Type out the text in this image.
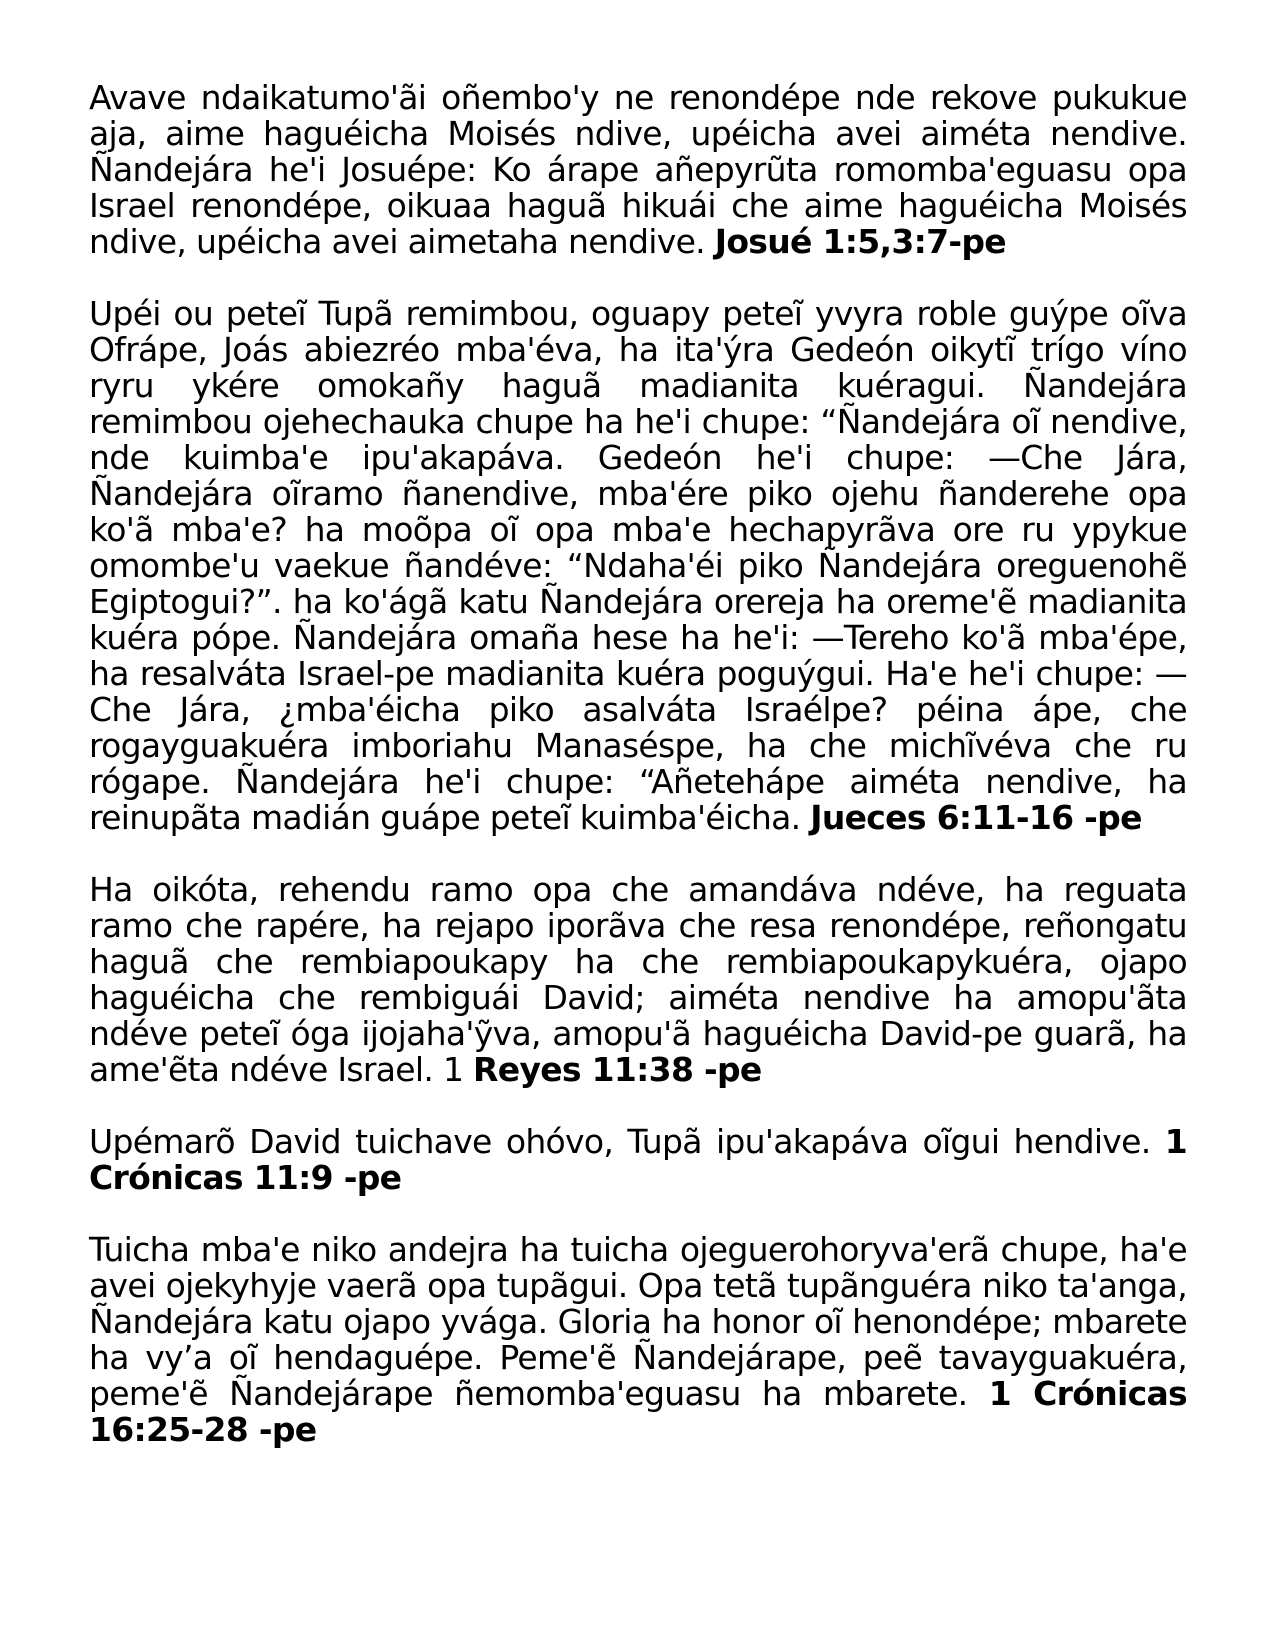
Avave ndaikatumo'ãi oñembo'y ne renondépe nde rekove pukukue aja, aime haguéicha Moisés ndive, upéicha avei aiméta nendive. Ñandejára he'i Josuépe: Ko árape añepyrũta romomba'eguasu opa Israel renondépe, oikuaa haguã hikuái che aime haguéicha Moisés ndive, upéicha avei aimetaha nendive. Josué 1:5,3:7-pe

Upéi ou peteĩ Tupã remimbou, oguapy peteĩ yvyra roble guýpe oĩva Ofrápe, Joás abiezréo mba'éva, ha ita'ýra Gedeón oikytĩ trígo víno ryru ykére omokañy haguã madianita kuéragui. Ñandejára remimbou ojehechauka chupe ha he'i chupe: “Ñandejára oĩ nendive, nde kuimba'e ipu'akapáva. Gedeón he'i chupe: —Che Jára, Ñandejára oĩramo ñanendive, mba'ére piko ojehu ñanderehe opa ko'ã mba'e? ha moõpa oĩ opa mba'e hechapyrãva ore ru ypykue omombe'u vaekue ñandéve: “Ndaha'éi piko Ñandejára oreguenohẽ Egiptogui?”. ha ko'ágã katu Ñandejára orereja ha oreme'ẽ madianita kuéra pópe. Ñandejára omaña hese ha he'i: —Tereho ko'ã mba'épe, ha resalváta Israel-pe madianita kuéra poguýgui. Ha'e he'i chupe: —Che Jára, ¿mba'éicha piko asalváta Israélpe? péina ápe, che rogayguakuéra imboriahu Manaséspe, ha che michĩvéva che ru rógape. Ñandejára he'i chupe: “Añetehápe aiméta nendive, ha reinupãta madián guápe peteĩ kuimba'éicha. Jueces 6:11-16 -pe

Ha oikóta, rehendu ramo opa che amandáva ndéve, ha reguata ramo che rapére, ha rejapo iporãva che resa renondépe, reñongatu haguã che rembiapoukapy ha che rembiapoukapykuéra, ojapo haguéicha che rembiguái David; aiméta nendive ha amopu'ãta ndéve peteĩ óga ijojaha'ỹva, amopu'ã haguéicha David-pe guarã, ha ame'ẽta ndéve Israel. 1 Reyes 11:38 -pe

Upémarõ David tuichave ohóvo, Tupã ipu'akapáva oĩgui hendive. 1 Crónicas 11:9 -pe

Tuicha mba'e niko andejra ha tuicha ojeguerohoryva'erã chupe, ha'e avei ojekyhyje vaerã opa tupãgui. Opa tetã tupãnguéra niko ta'anga, Ñandejára katu ojapo yvága. Gloria ha honor oĩ henondépe; mbarete ha vy’a oĩ hendaguépe. Peme'ẽ Ñandejárape, peẽ tavayguakuéra, peme'ẽ Ñandejárape ñemomba'eguasu ha mbarete. 1 Crónicas 16:25-28 -pe
